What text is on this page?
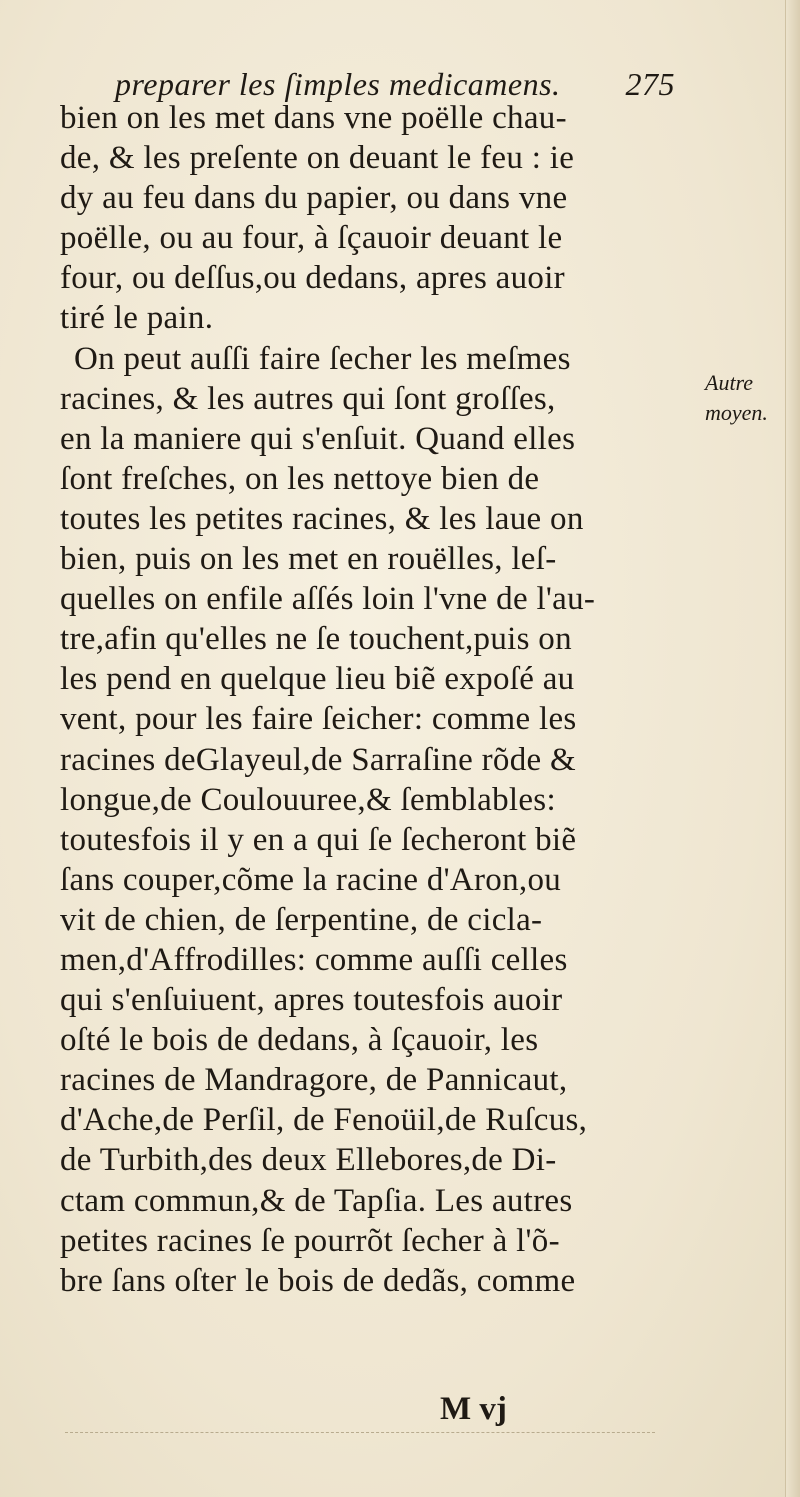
prepa‍rer les ſimples medicamens. 275
bien on les met dans vne poëlle chau-
de, & les preſente on deuant le feu : ie
dy au feu dans du papier, ou dans vne
poëlle, ou au four, à ſçauoir deuant le
four, ou deſſus,ou dedans, apres auoir
tiré le pain.
On peut auſſi faire ſecher les meſmes
racines, & les autres qui ſont groſſes,
en la maniere qui s'enſuit. Quand elles
ſont freſches, on les nettoye bien de
toutes les petites racines, & les laue on
bien, puis on les met en rouëlles, leſ-
quelles on enfile aſſés loin l'vne de l'au-
tre,afin qu'elles ne ſe touchent,puis on
les pend en quelque lieu biẽ expoſé au
vent, pour les faire ſeicher: comme les
racines deGlayeul,de Sarraſine rõde &
longue,de Coulouuree,& ſemblables:
toutesfois il y en a qui ſe ſecheront biẽ
ſans couper,cõme la racine d'Aron,ou
vit de chien, de ſerpentine, de cicla-
men,d'Affrodilles: comme auſſi celles
qui s'enſuiuent, apres toutesfois auoir
oſté le bois de dedans, à ſçauoir, les
racines de Mandragore, de Pannicaut,
d'Ache,de Perſil, de Fenoüil,de Ruſcus,
de Turbith,des deux Ellebores,de Di-
ctam commun,& de Tapſia. Les autres
petites racines ſe pourrõt ſecher à l'õ-
bre ſans oſter le bois de dedãs, comme
Autre
moyen.
M vj
